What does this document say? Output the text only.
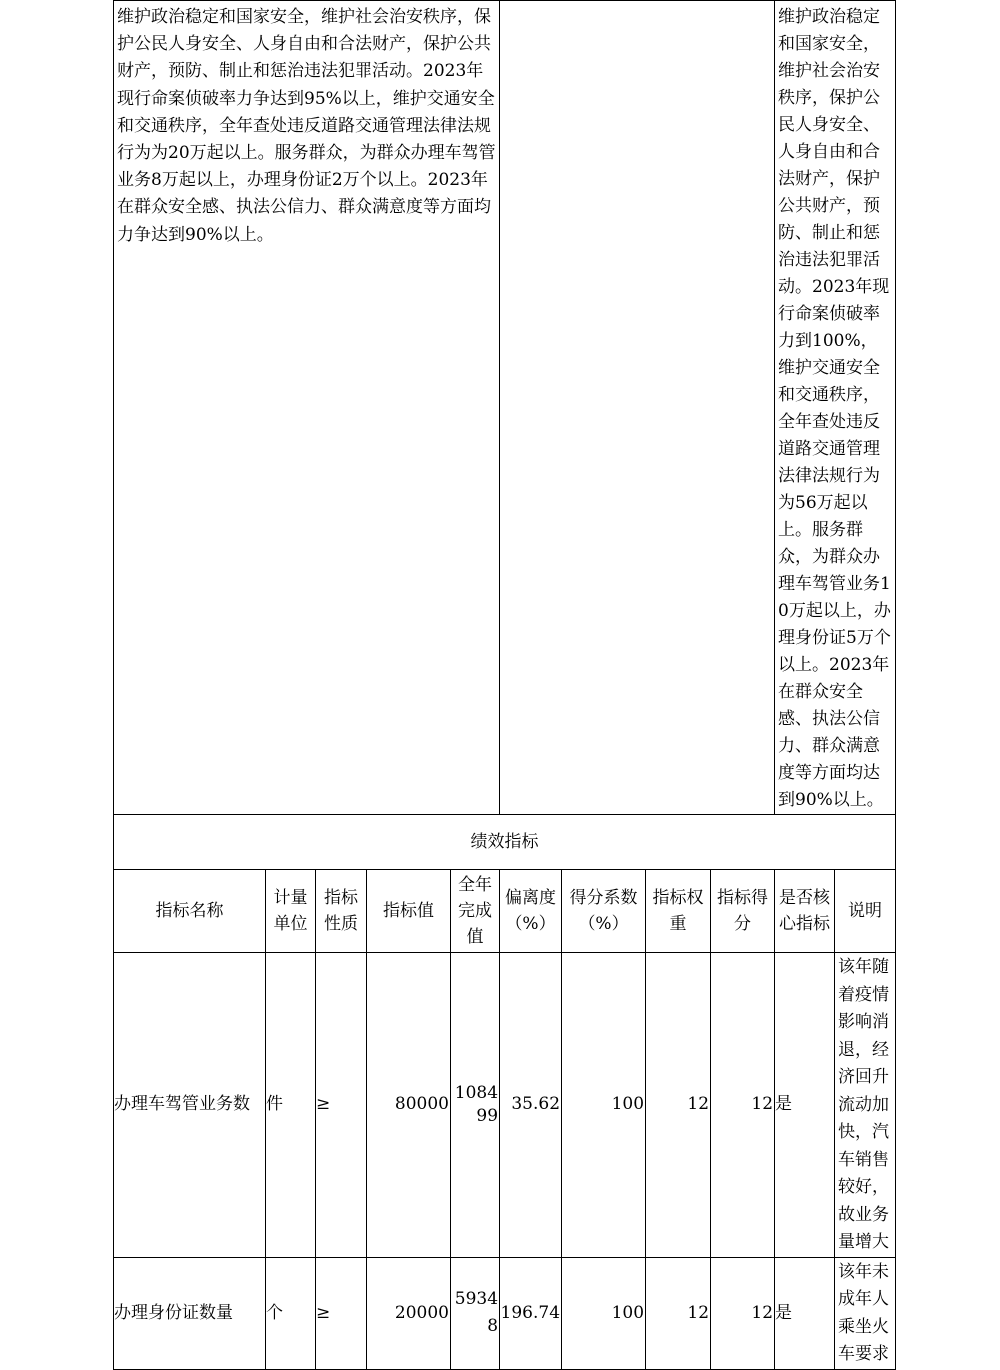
维护政治稳定和国家安全，维护社会治安秩序，保护公民人身安全、人身自由和合法财产，保护公共财产，预防、制止和惩治违法犯罪活动。2023年现行命案侦破率力争达到95%以上，维护交通安全和交通秩序，全年查处违反道路交通管理法律法规行为为20万起以上。服务群众，为群众办理车驾管业务8万起以上，办理身份证2万个以上。2023年在群众安全感、执法公信力、群众满意度等方面均力争达到90%以上。									维护政治稳定和国家安全，维护社会治安秩序，保护公民人身安全、人身自由和合法财产，保护公共财产，预防、制止和惩治违法犯罪活动。2023年现行命案侦破率力到100%，维护交通安全和交通秩序，全年查处违反道路交通管理法律法规行为为56万起以上。服务群众，为群众办理车驾管业务10万起以上，办理身份证5万个以上。2023年在群众安全感、执法公信力、群众满意度等方面均达到90%以上。	

绩效指标										
指标名称	计量单位	指标性质	指标值	全年完成值	偏离度（%）	得分系数（%）	指标权重	指标得分	是否核心指标	说明
办理车驾管业务数	件	≥	80000	108499	35.62	100	12	12	是	该年随着疫情影响消退，经济回升流动加快，汽车销售较好，故业务量增大

办理身份证数量	个	≥	20000	59348	196.74	100	12	12	是	该年未成年人乘坐火车要求
